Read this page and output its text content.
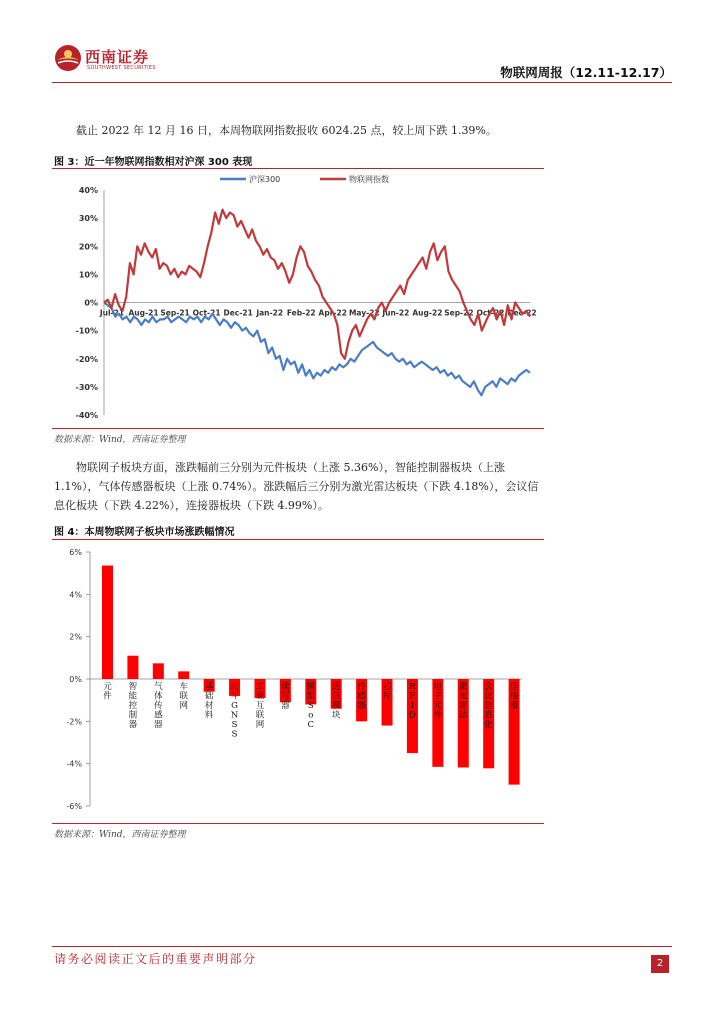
西南证券
SOUTHWEST SECURITIES	物联网周报（12.11-12.17）

截止 2022 年 12 月 16 日，本周物联网指数报收 6024.25 点，较上周下跌 1.39%。

图 3：近一年物联网指数相对沪深 300 表现
40%
30%
20%
10%
0%
-10%
-20%
-30%
-40%
Jul-21 Aug-21 Sep-21 Oct-21 Dec-21 Jan-22 Feb-22 Apr-22 May-22 Jun-22 Aug-22 Sep-22 Oct-22 Dec-22
沪深300	物联网指数
数据来源：Wind，西南证券整理

物联网子板块方面，涨跌幅前三分别为元件板块（上涨 5.36%），智能控制器板块（上涨 1.1%），气体传感器板块（上涨 0.74%）。涨跌幅后三分别为激光雷达板块（下跌 4.18%），会议信息化板块（下跌 4.22%），连接器板块（下跌 4.99%）。

图 4：本周物联网子板块市场涨跌幅情况
6%
4%
2%
0%
-2%
-4%
-6%
元
件
智
能
控
制
器
气
体
传
感
器
车
联
网
基
础
材
料
北
斗
G
N
S
S
工
业
互
联
网
读
写
器
模
组
S
o
C
通
信
模
块
传
感
器
芯
片
R
F
I
D
电
子
元
件
激
光
雷
达
会
议
信
息
化
连
接
器
数据来源：Wind，西南证券整理
请务必阅读正文后的重要声明部分	2
